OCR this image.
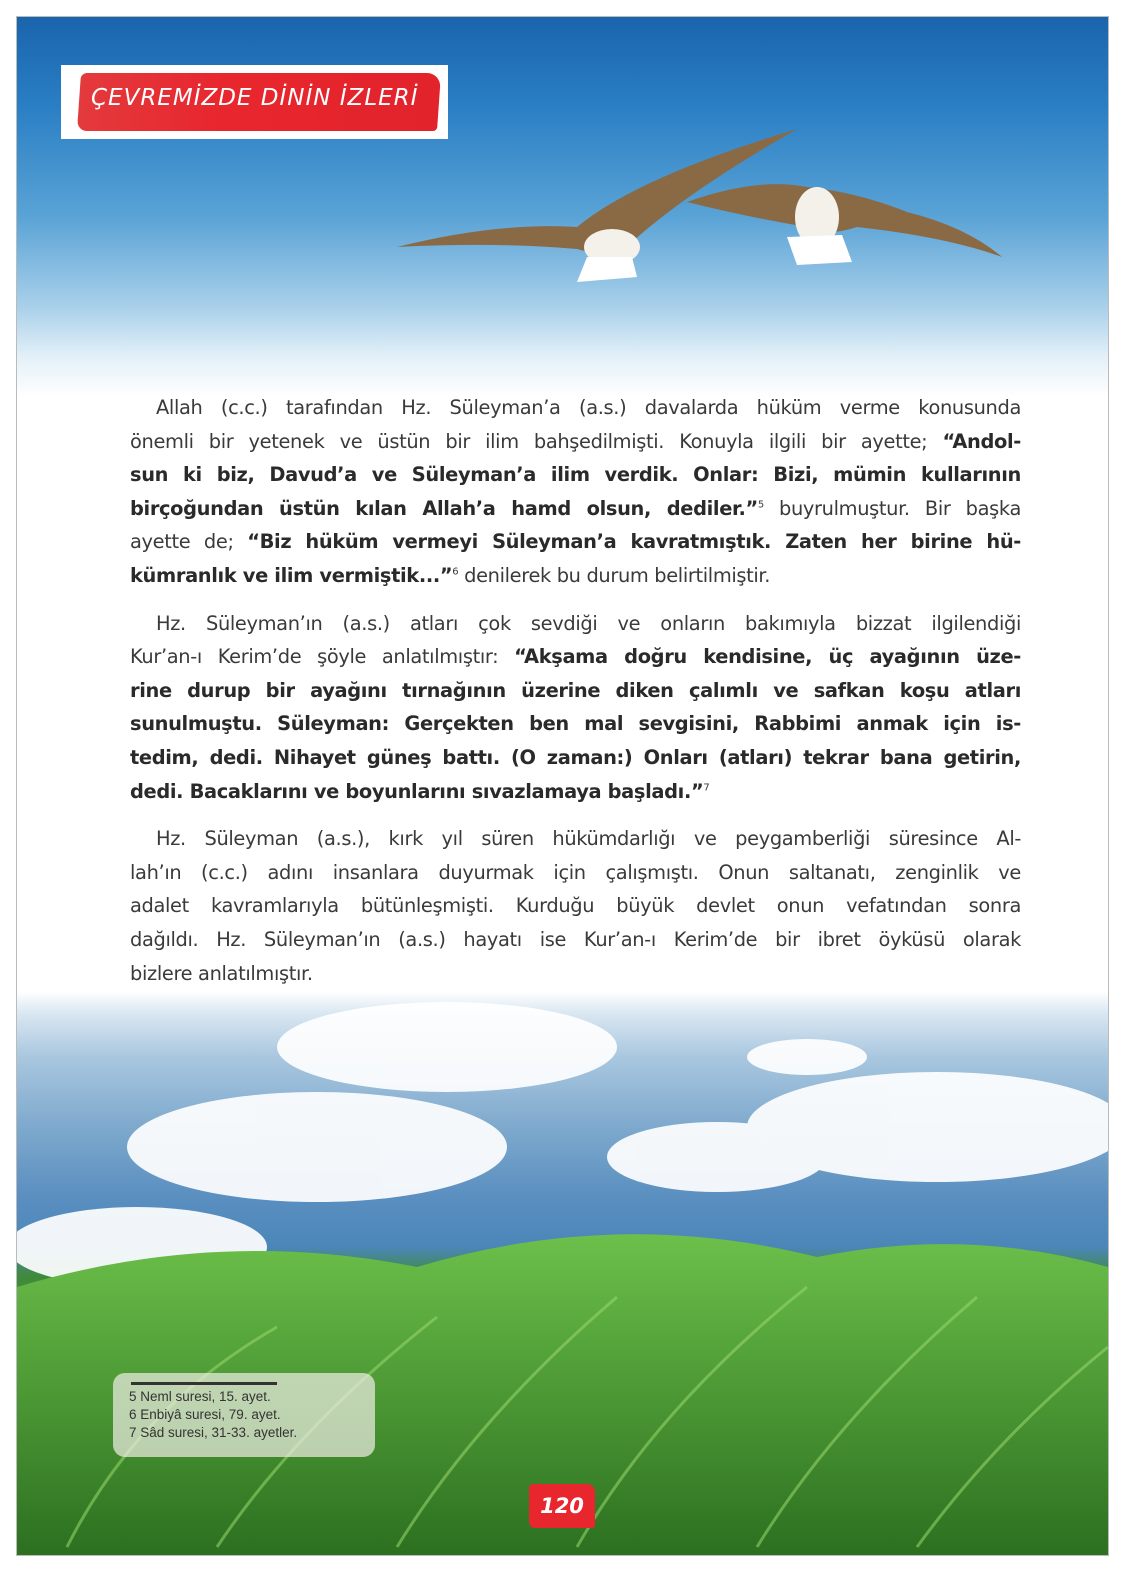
ÇEVREMİZDE DİNİN İZLERİ
Allah (c.c.) tarafından Hz. Süleyman’a (a.s.) davalarda hüküm verme konusunda
önemli bir yetenek ve üstün bir ilim bahşedilmişti. Konuyla ilgili bir ayette; “Andol-
sun ki biz, Davud’a ve Süleyman’a ilim verdik. Onlar: Bizi, mümin kullarının
birçoğundan üstün kılan Allah’a hamd olsun, dediler.”$^5$ buyrulmuştur. Bir başka
ayette de; “Biz hüküm vermeyi Süleyman’a kavratmıştık. Zaten her birine hü-
kümranlık ve ilim vermiştik...”$^6$ denilerek bu durum belirtilmiştir.
Hz. Süleyman’ın (a.s.) atları çok sevdiği ve onların bakımıyla bizzat ilgilendiği
Kur’an-ı Kerim’de şöyle anlatılmıştır: “Akşama doğru kendisine, üç ayağının üze-
rine durup bir ayağını tırnağının üzerine diken çalımlı ve safkan koşu atları
sunulmuştu. Süleyman: Gerçekten ben mal sevgisini, Rabbimi anmak için is-
tedim, dedi. Nihayet güneş battı. (O zaman:) Onları (atları) tekrar bana getirin,
dedi. Bacaklarını ve boyunlarını sıvazlamaya başladı.”$^7$
Hz. Süleyman (a.s.), kırk yıl süren hükümdarlığı ve peygamberliği süresince Al-
lah’ın (c.c.) adını insanlara duyurmak için çalışmıştı. Onun saltanatı, zenginlik ve
adalet kavramlarıyla bütünleşmişti. Kurduğu büyük devlet onun vefatından sonra
dağıldı. Hz. Süleyman’ın (a.s.) hayatı ise Kur’an-ı Kerim’de bir ibret öyküsü olarak
bizlere anlatılmıştır.
5 Neml suresi, 15. ayet.
6 Enbiyâ suresi, 79. ayet.
7 Sâd suresi, 31-33. ayetler.
120
